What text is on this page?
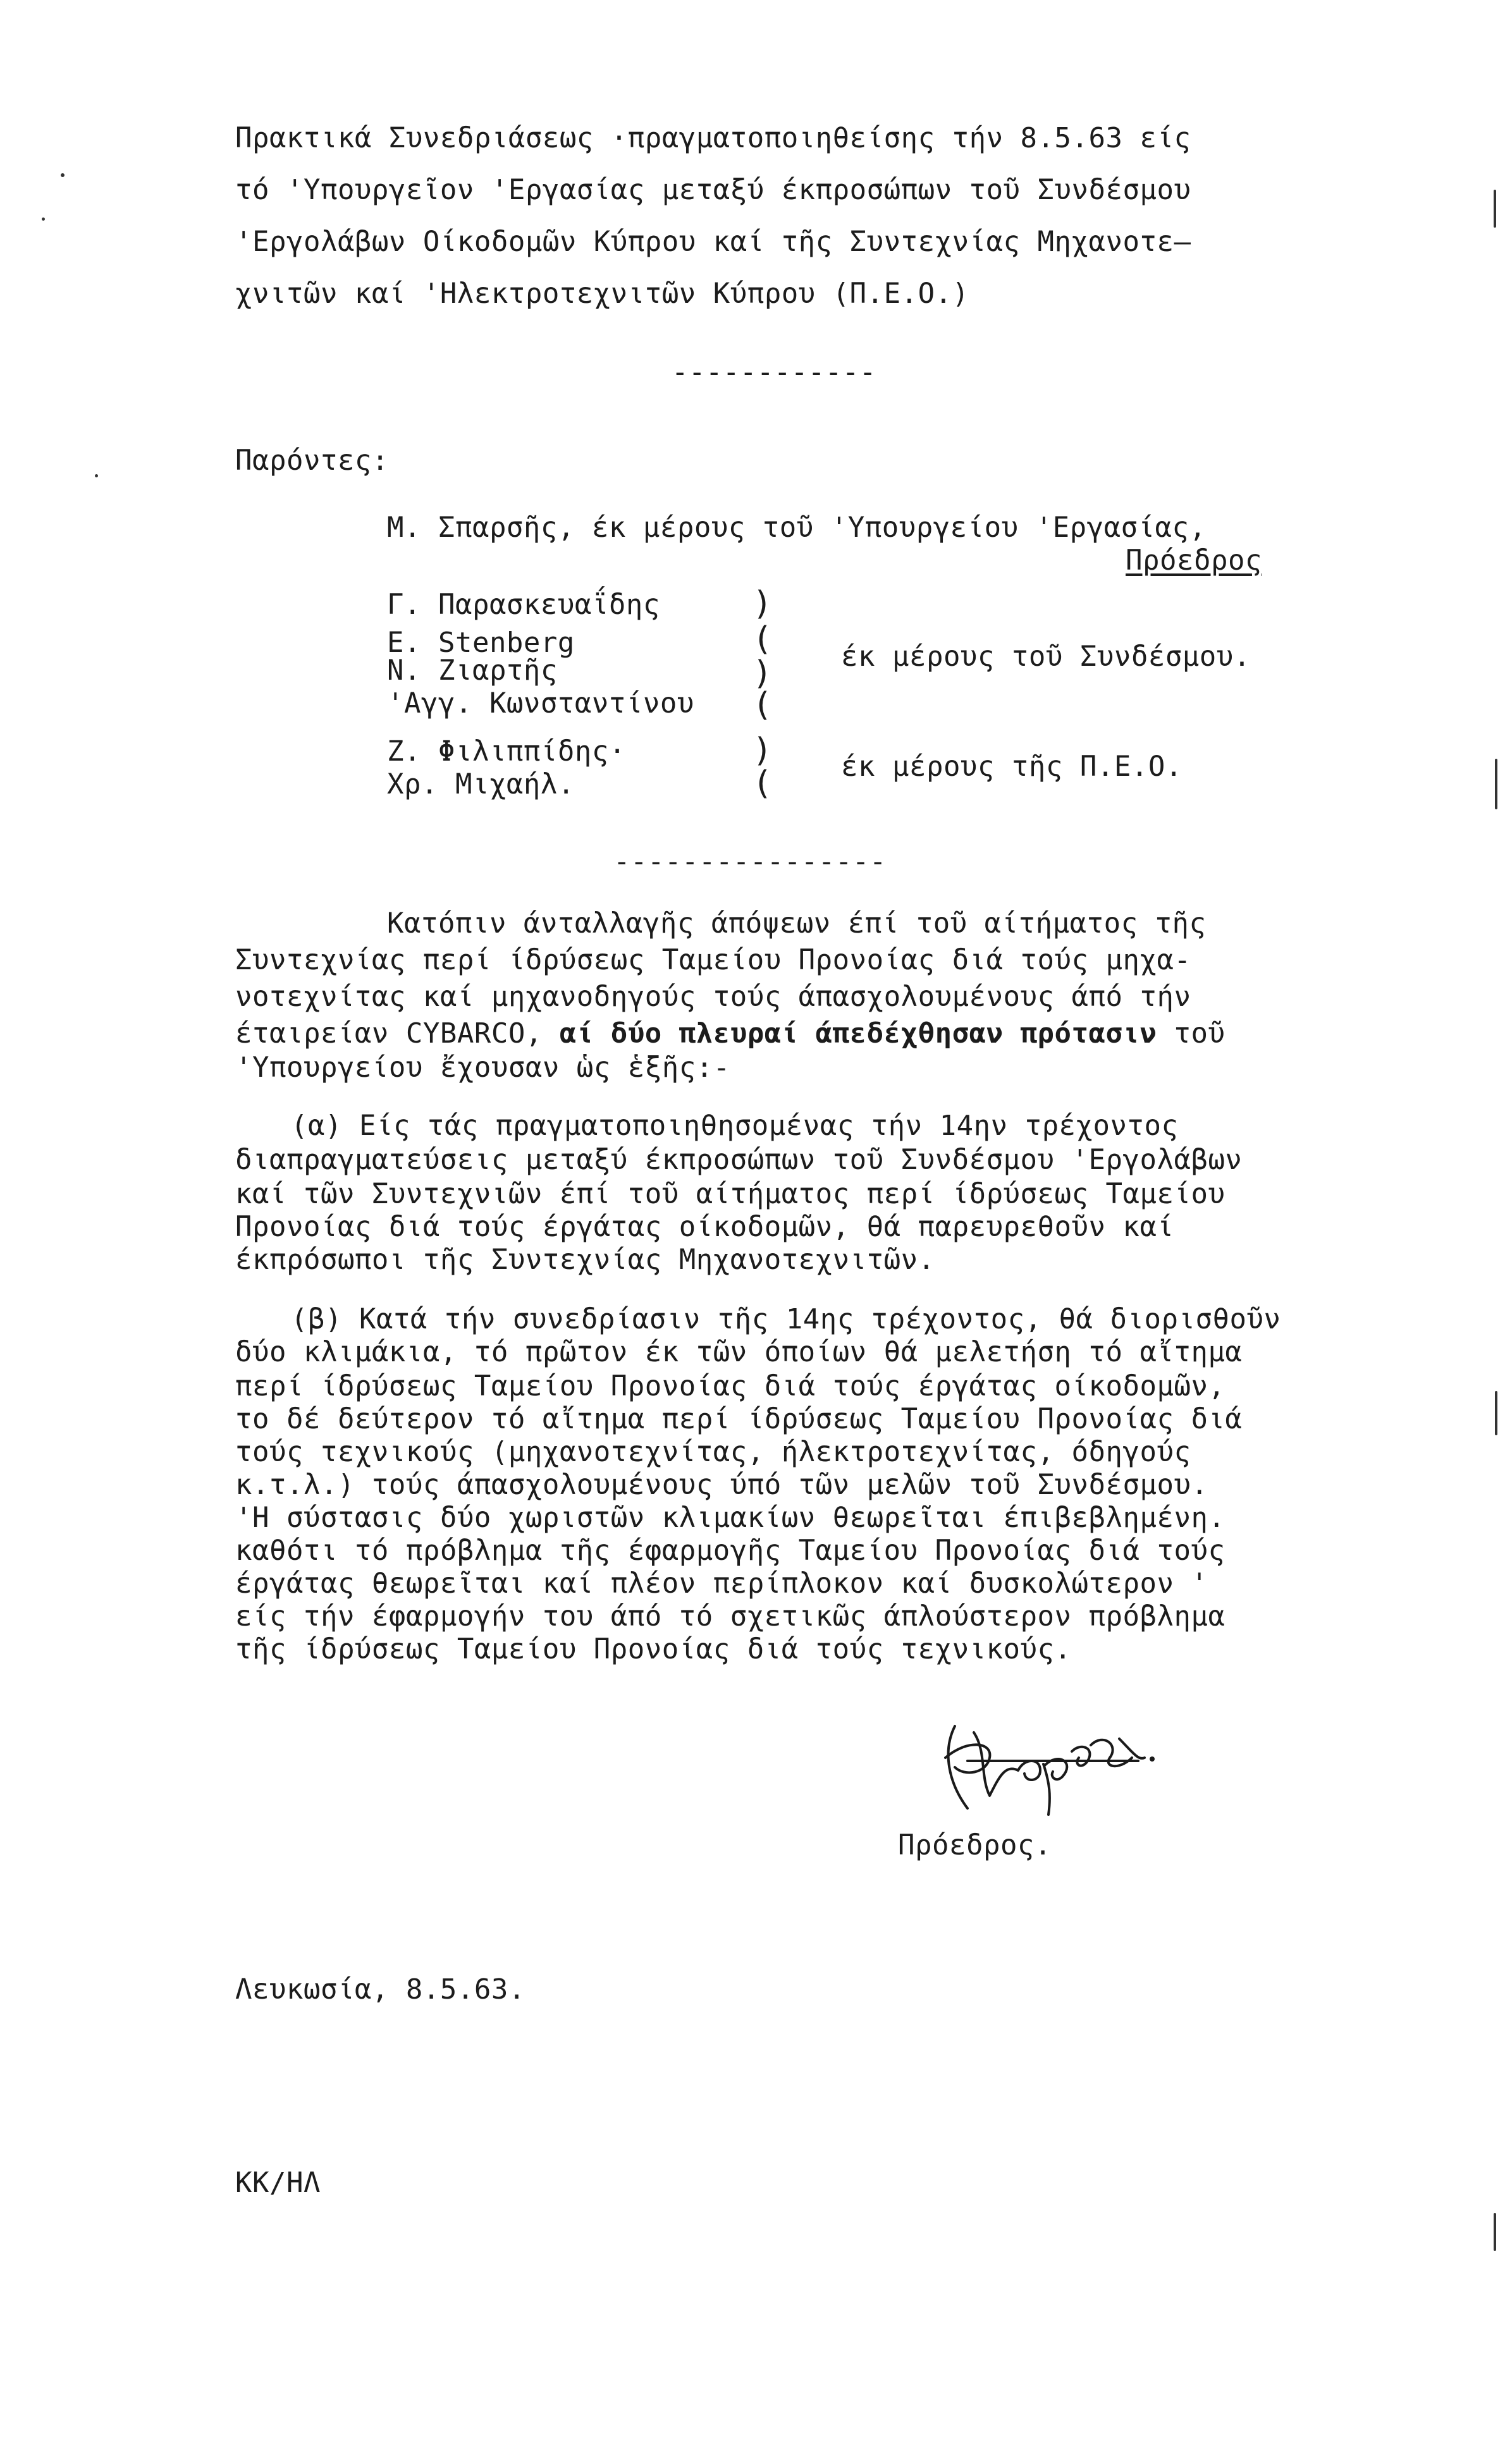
Πρακτικά Συνεδριάσεως ·πραγματοποιηθείσης τήν 8.5.63 είς
τό 'Υπουργεῖον 'Εργασίας μεταξύ έκπροσώπων τοῦ Συνδέσμου
'Εργολάβων Οίκοδομῶν Κύπρου καί τῆς Συντεχνίας Μηχανοτε—
χνιτῶν καί 'Ηλεκτροτεχνιτῶν Κύπρου (Π.Ε.Ο.)
------------
Παρόντες:
Μ. Σπαρσῆς, έκ μέρους τοῦ 'Υπουργείου 'Εργασίας,
Πρόεδρος
Γ. Παρασκευαΐδης
Ε. Stenberg
Ν. Ζιαρτῆς
'Αγγ. Κωνσταντίνου
)
(
)
(
έκ μέρους τοῦ Συνδέσμου.
Ζ. Φιλιππίδης·
Χρ. Μιχαήλ.
)
( έκ μέρους τῆς Π.Ε.Ο.
----------------
Κατόπιν άνταλλαγῆς άπόψεων έπί τοῦ αίτήματος τῆς
Συντεχνίας περί ίδρύσεως Ταμείου Προνοίας διά τούς μηχα-
νοτεχνίτας καί μηχανοδηγούς τούς άπασχολουμένους άπό τήν
έταιρείαν CYBARCO, αί δύο πλευραί άπεδέχθησαν πρότασιν τοῦ
'Υπουργείου ἔχουσαν ὡς ἑξῆς:-
(α) Είς τάς πραγματοποιηθησομένας τήν 14ην τρέχοντος
διαπραγματεύσεις μεταξύ έκπροσώπων τοῦ Συνδέσμου 'Εργολάβων
καί τῶν Συντεχνιῶν έπί τοῦ αίτήματος περί ίδρύσεως Ταμείου
Προνοίας διά τούς έργάτας οίκοδομῶν, θά παρευρεθοῦν καί
έκπρόσωποι τῆς Συντεχνίας Μηχανοτεχνιτῶν.
(β) Κατά τήν συνεδρίασιν τῆς 14ης τρέχοντος, θά διορισθοῦν
δύο κλιμάκια, τό πρῶτον έκ τῶν όποίων θά μελετήση τό αἴτημα
περί ίδρύσεως Ταμείου Προνοίας διά τούς έργάτας οίκοδομῶν,
το δέ δεύτερον τό αἴτημα περί ίδρύσεως Ταμείου Προνοίας διά
τούς τεχνικούς (μηχανοτεχνίτας, ήλεκτροτεχνίτας, όδηγούς
κ.τ.λ.) τούς άπασχολουμένους ύπό τῶν μελῶν τοῦ Συνδέσμου.
'Η σύστασις δύο χωριστῶν κλιμακίων θεωρεῖται έπιβεβλημένη.
καθότι τό πρόβλημα τῆς έφαρμογῆς Ταμείου Προνοίας διά τούς
έργάτας θεωρεῖται καί πλέον περίπλοκον καί δυσκολώτερον '
είς τήν έφαρμογήν του άπό τό σχετικῶς άπλούστερον πρόβλημα
τῆς ίδρύσεως Ταμείου Προνοίας διά τούς τεχνικούς.
Πρόεδρος.
Λευκωσία, 8.5.63.
ΚΚ/ΗΛ
